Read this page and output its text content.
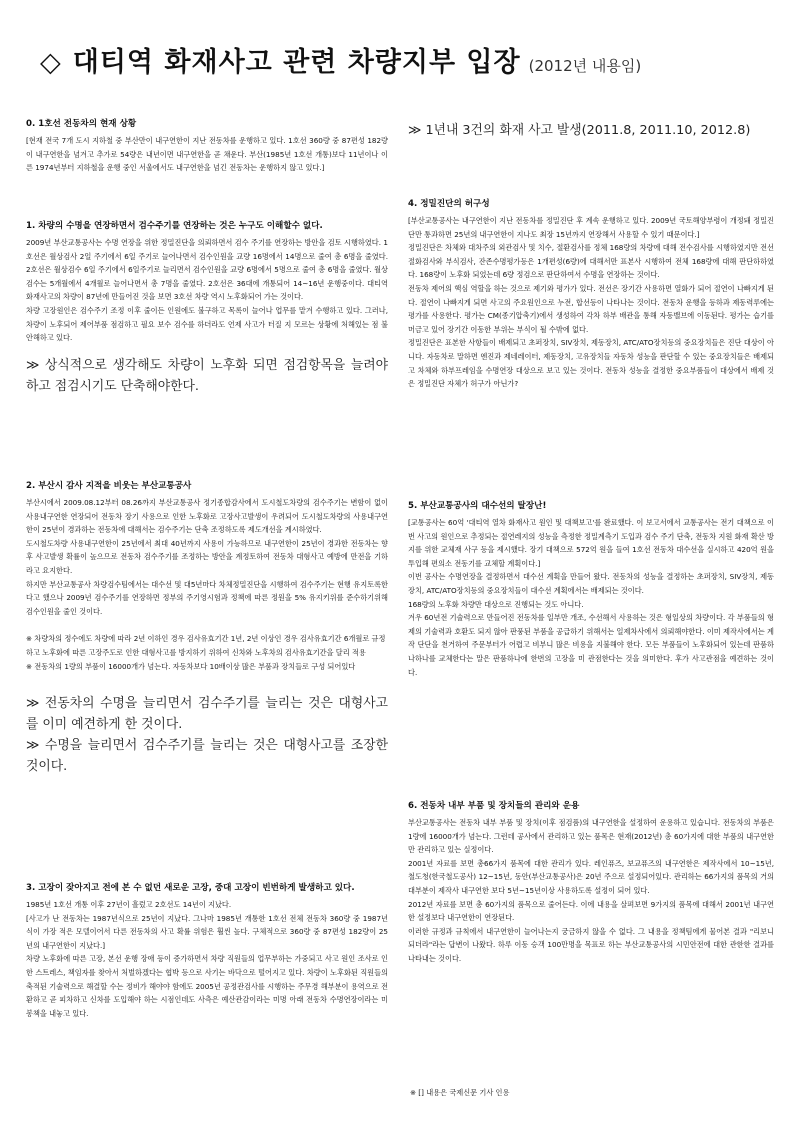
◇ 대티역 화재사고 관련 차량지부 입장 (2012년 내용임)

0. 1호선 전동차의 현재 상황

[현재 전국 7개 도시 지하철 중 부산만이 내구연한이 지난 전동차를 운행하고 있다. 1호선 360량 중 87편성 182량이 내구연한을 넘겨고 추가로 54량은 내년이면 내구연한을 곧 채운다. 부산(1985년 1호선 개통)보다 11년이나 이른 1974년부터 지하철을 운행 중인 서울에서도 내구연한을 넘긴 전동차는 운행하지 않고 있다.]

1. 차량의 수명을 연장하면서 검수주기를 연장하는 것은 누구도 이해할수 없다.

2009년 부산교통공사는 수명 연장을 위한 정밀진단을 의뢰하면서 검수 주기를 연장하는 방안을 검토 시행하였다. 1호선은 월상검사 2일 주기에서 6일 주기로 늘어나면서 검수인원을 교량 16명에서 14명으로 줄여 총 6명을 줄였다. 2호선은 월상검수 6일 주기에서 6일주기로 늘리면서 검수인원을 교량 6명에서 5명으로 줄여 총 6명을 줄였다. 월상검수는 5개월에서 4개월로 늘어나면서 총 7명을 줄였다. 2호선은 36대에 개통되어 14~16년 운행중이다. 대티역 화재사고의 차량이 87년에 만들어진 것을 보면 3호선 차량 역시 노후화되어 가는 것이다.
차량 고장원인은 검수주기 조정 이후 줄이든 인원에도 불구하고 목록이 늘어나 업무를 맡겨 수행하고 있다. 그러나, 차량이 노후되어 제어부품 점검하고 필요 보수 검수를 하더라도 언제 사고가 터질 지 모르는 상황에 처해있는 점 불안해하고 있다.

≫ 상식적으로 생각해도 차량이 노후화 되면 점검항목을 늘려야 하고 점검시기도 단축해야한다.

2. 부산시 감사 지적을 비웃는 부산교통공사

부산시에서 2009.08.12부터 08.26까지 부산교통공사 정기종합감사에서 도시철도차량의 검수주기는 변함이 없이 사용내구연한 연장되어 전동차 장기 사용으로 인한 노후화로 고장사고발생이 우려되어 도시철도차량의 사용내구연한이 25년이 경과하는 전동차에 대해서는 검수주기는 단축 조정하도록 제도개선을 계시하였다.
도시철도차량 사용내구연한이 25년에서 최대 40년까지 사용이 가능하므로 내구연한이 25년이 경과한 전동차는 향후 사고발생 확률이 높으므로 전동차 검수주기를 조정하는 방안을 계정토하여 전동차 대형사고 예방에 만전을 기하라고 요지한다.
하지만 부산교통공사 차량검수팀에서는 대수선 및 대5년마다 차체정밀진단을 시행하여 검수주기는 현행 유지토록한다고 했으나 2009년 검수주기를 연장하면 정부의 주기영시험과 정책에 따른 정원을 5% 유지키위를 준수하기위해 검수인원을 줄인 것이다.

※ 차량차의 정수에도 차량에 따라 2년 이하인 경우 검사유효기간 1년, 2년 이상인 경우 검사유효기간 6개월로 규정하고 노후화에 따른 고장주도로 인한 대형사고를 방지하기 위하여 신차와 노후차의 검사유효기간을 달리 적용
※ 전동차의 1량의 부품이 16000개가 넘는다. 자동차보다 10배이상 많은 부품과 장치들로 구성 되어있다

≫ 전동차의 수명을 늘리면서 검수주기를 늘리는 것은 대형사고를 이미 예견하게 한 것이다.
≫ 수명을 늘리면서 검수주기를 늘리는 것은 대형사고를 조장한 것이다.

3. 고장이 잦아지고 전에 본 수 없던 새로운 고장, 중대 고장이 빈번하게 발생하고 있다.

1985년 1호선 개통 이후 27년이 흘렀고 2호선도 14년이 지났다.
[사고가 난 전동차는 1987년식으로 25년이 지났다. 그나마 1985년 개통한 1호선 전체 전동차 360량 중 1987년식이 가장 적은 모델이어서 다른 전동차의 사고 확률 위험은 훨씬 높다. 구체적으로 360량 중 87편성 182량이 25년의 내구연한이 지났다.]
차량 노후화에 따른 고장, 본선 운행 장애 등이 증가하면서 차량 직원들의 업무부하는 가중되고 사고 원인 조사로 인한 스트레스, 책임자를 찾아서 처벌하겠다는 협박 등으로 사기는 바닥으로 떨어지고 있다. 차량이 노후화된 직원들의 축적된 기술력으로 해결할 수는 정비가 해야야 함에도 2005년 공정관검사를 시행하는 주무경 해부분이 용역으로 전환하고 곧 피차하고 신차를 도입해야 하는 시점인데도 사측은 예산관감이라는 미명 아래 전동차 수명연장이라는 미봉책을 내놓고 있다.

≫ 1년내 3건의 화재 사고 발생(2011.8, 2011.10, 2012.8)

4. 정밀진단의 허구성

[부산교통공사는 내구연한이 지난 전동차를 정밀진단 후 계속 운행하고 있다. 2009년 국토해양부령이 개정돼 정밀진단만 통과하면 25년의 내구연한이 지나도 최장 15년까지 연장해서 사용할 수 있기 때문이다.]
정밀진단은 차체와 대차주의 외관검사 및 치수, 절환검사를 정체 168량의 차량에 대해 전수검사를 시행하였지만 전선절화검사와 부식검사, 잔존수명평가등은 1개편성(6량)에 대해서만 표본사 시행하여 전체 168량에 대해 판단하하였다. 168량이 노후화 되었는데 6량 정검으로 판단하여서 수명을 연장하는 것이다.
전동차 제어의 핵심 역할을 하는 것으로 제기와 평가가 있다. 전선은 장기간 사용하면 열화가 되어 절연이 나빠지게 된다. 절연이 나빠지게 되면 사고의 주요원인으로 누전, 합선등이 나타나는 것이다. 전동차 운행을 등하과 제동력루에는 평가를 사용한다. 평가는 CM(종기압축기)에서 생성하여 각차 하부 배관을 통해 자동밸브에 이동된다. 평가는 습기를 머금고 있어 장기간 이동한 부위는 부식이 될 수밖에 없다.
정밀진단은 표본한 사항들이 배제되고 초퍼장치, SIV장치, 제동장치, ATC/ATO장치등의 중요장치들은 진단 대상이 아니다. 자동차로 말하면 엔진과 제네레이터, 제동장치, 고유장치들 자동차 성능을 판단할 수 있는 중요장치들은 배제되고 차체와 하부프레임을 수명연장 대상으로 보고 있는 것이다. 전동차 성능을 결정한 중요부품들이 대상에서 배제 것은 정밀진단 자체가 허구가 아닌가?

5. 부산교통공사의 대수선의 탈장난!

[교통공사는 60억 '대티역 열차 화재사고 원인 및 대책보고'를 완료했다. 이 보고서에서 교통공사는 전기 대책으로 이번 사고의 원인으로 추정되는 절연레지의 성능을 측정한 정밀계측기 도입과 검수 주기 단축, 전동차 지원 화재 확산 방지를 위한 교체재 사구 등을 제시했다. 장기 대책으로 572억 원을 들여 1호선 전동차 대수선을 실시하고 420억 원을 투입해 편의소 전동기를 교체할 계획이다.]
이번 공사는 수명연장을 결정하면서 대수선 계획을 만들어 왔다. 전동차의 성능을 결정하는 초퍼장치, SIV장치, 제동장치, ATC/ATO장치등의 중요장치들이 대수선 계획에서는 배제되는 것이다.
168량의 노후화 차량만 대상으로 진행되는 것도 아니다.
겨우 60년전 기술력으로 만들어진 전동차를 일부만 개조, 수선해서 사용하는 것은 형일상의 차량이다. 각 부품들의 형제의 기술력과 호환도 되지 않아 판풍된 부품을 공급하기 위해서는 일제차사에서 의뢰해야한다. 이미 제작사에서는 계작 단단을 천거하여 주문부터가 어렵고 비부니 많은 비용을 지불해야 한다. 모든 부품들이 노후화되어 있는데 판품하나하나를 교체한다는 말은 판품하나에 한번의 고장을 미 관점한다는 것을 의미한다. 후가 사고관점을 예견하는 것이다.

6. 전동차 내부 부품 및 장치들의 관리와 운용

부산교통공사는 전동차 내부 부품 및 장치(이후 점검품)의 내구연한을 설정하여 운용하고 있습니다. 전동차의 부품은 1량에 16000개가 넘는다. 그런데 공사에서 관리하고 있는 품목은 현재(2012년) 총 60가지에 대한 부품의 내구연한만 관리하고 있는 실정이다.
2001년 자료를 보면 총66가지 품목에 대한 관리가 있다. 레인퓨즈, 보교퓨즈의 내구연한은 제작사에서 10~15년, 철도청(한국철도공사) 12~15년, 동안(부산교통공사)은 20년 주으로 설정되어있다. 관리하는 66가지의 품목의 거의 대부분이 제작사 내구연한 보다 5년~15년이상 사용하도록 설정이 되어 있다.
2012년 자료를 보면 총 60가지의 품목으로 줄어든다. 이에 내용을 살펴보면 9가지의 품목에 대해서 2001년 내구연한 설정보다 내구연한이 연장된다.
이러한 규정과 규칙에서 내구연한이 늘어나는지 궁금하지 않을 수 없다. 그 내용을 정책팀에게 물어본 결과 "리보니 되더라"라는 답변이 나왔다. 하루 이동 승객 100만명을 목표로 하는 부산교통공사의 시민안전에 대한 관한한 결과를 나타내는 것이다.

※ [] 내용은 국제신문 기사 인용
